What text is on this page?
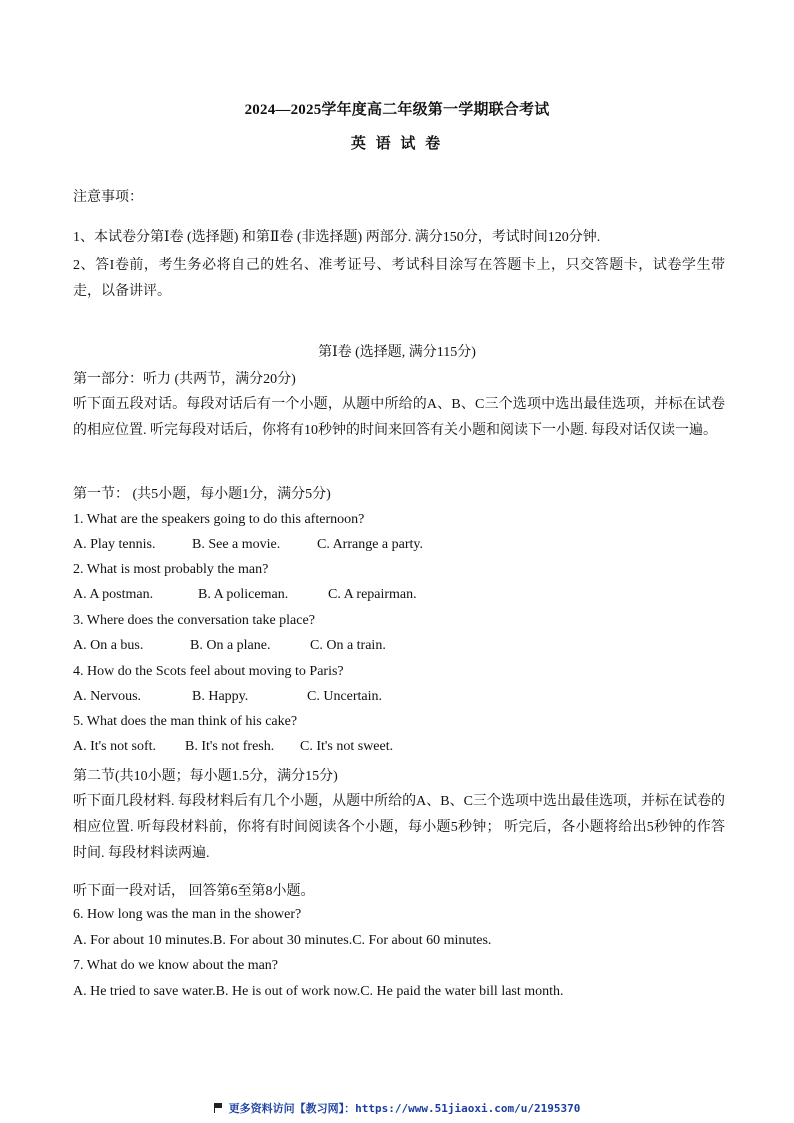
2024—2025学年度高二年级第一学期联合考试
英 语 试 卷
注意事项：
1、本试卷分第Ⅰ卷 (选择题) 和第Ⅱ卷 (非选择题) 两部分. 满分150分，考试时间120分钟.
2、答I卷前，考生务必将自己的姓名、准考证号、考试科目涂写在答题卡上，只交答题卡，试卷学生带走，以备讲评。
第Ⅰ卷 (选择题, 满分115分)
第一部分：听力 (共两节，满分20分)
听下面五段对话。每段对话后有一个小题，从题中所给的A、B、C三个选项中选出最佳选项，并标在试卷的相应位置. 听完每段对话后，你将有10秒钟的时间来回答有关小题和阅读下一小题. 每段对话仅读一遍。
第一节： (共5小题，每小题1分，满分5分)
1. What are the speakers going to do this afternoon?
A. Play tennis.	B. See a movie.	C. Arrange a party.
2. What is most probably the man?
A. A postman.	B. A policeman.	C. A repairman.
3. Where does the conversation take place?
A. On a bus.	B. On a plane.	C. On a train.
4. How do the Scots feel about moving to Paris?
A. Nervous.	B. Happy.	C. Uncertain.
5. What does the man think of his cake?
A. It's not soft. B. It's not fresh. C. It's not sweet.
第二节(共10小题；每小题1.5分，满分15分)
听下面几段材料. 每段材料后有几个小题，从题中所给的A、B、C三个选项中选出最佳选项，并标在试卷的相应位置. 听每段材料前，你将有时间阅读各个小题，每小题5秒钟； 听完后，各小题将给出5秒钟的作答时间. 每段材料读两遍.
听下面一段对话， 回答第6至第8小题。
6. How long was the man in the shower?
A. For about 10 minutes.B. For about 30 minutes.C. For about 60 minutes.
7. What do we know about the man?
A. He tried to save water.B. He is out of work now.C. He paid the water bill last month.
更多资料访问【教习网】：https://www.51jiaoxi.com/u/2195370
